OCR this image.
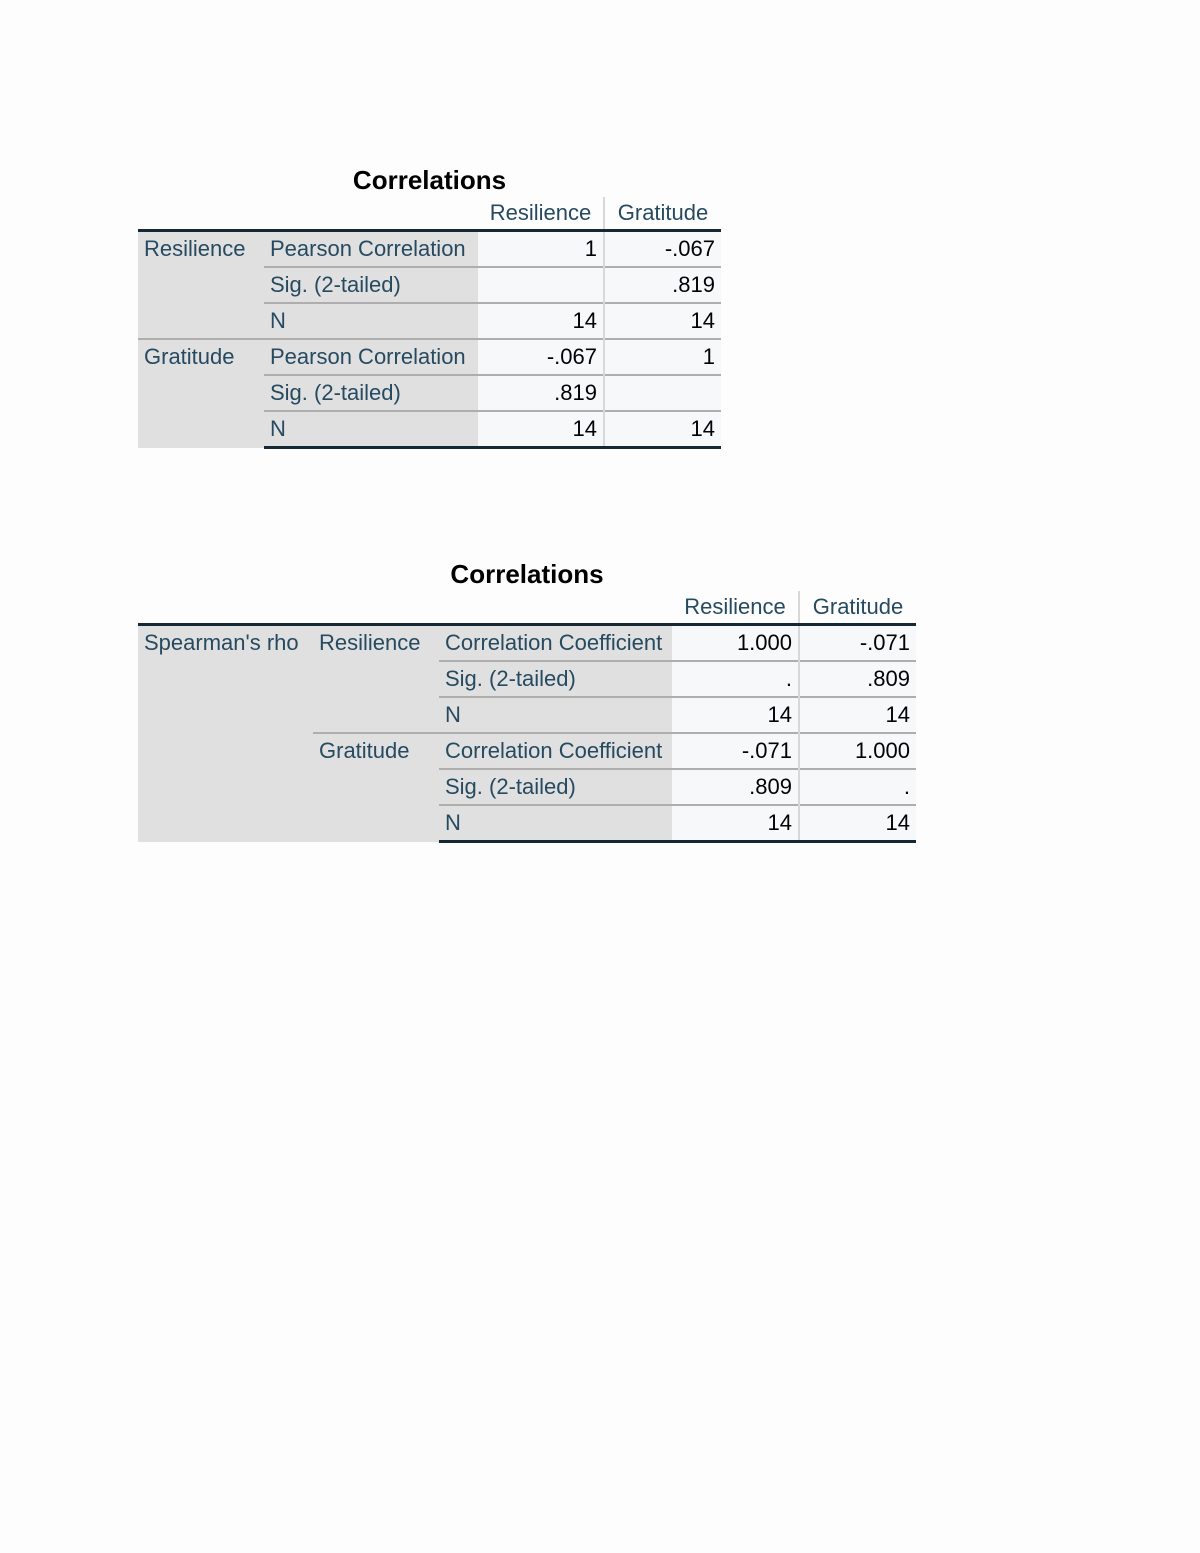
Correlations
		Resilience	Gratitude
Resilience	Pearson Correlation	1	-.067
	Sig. (2-tailed)		.819
	N	14	14
Gratitude	Pearson Correlation	-.067	1
	Sig. (2-tailed)	.819	
	N	14	14
Correlations
			Resilience	Gratitude
Spearman's rho	Resilience	Correlation Coefficient	1.000	-.071
		Sig. (2-tailed)	.	.809
		N	14	14
	Gratitude	Correlation Coefficient	-.071	1.000
		Sig. (2-tailed)	.809	.
		N	14	14
